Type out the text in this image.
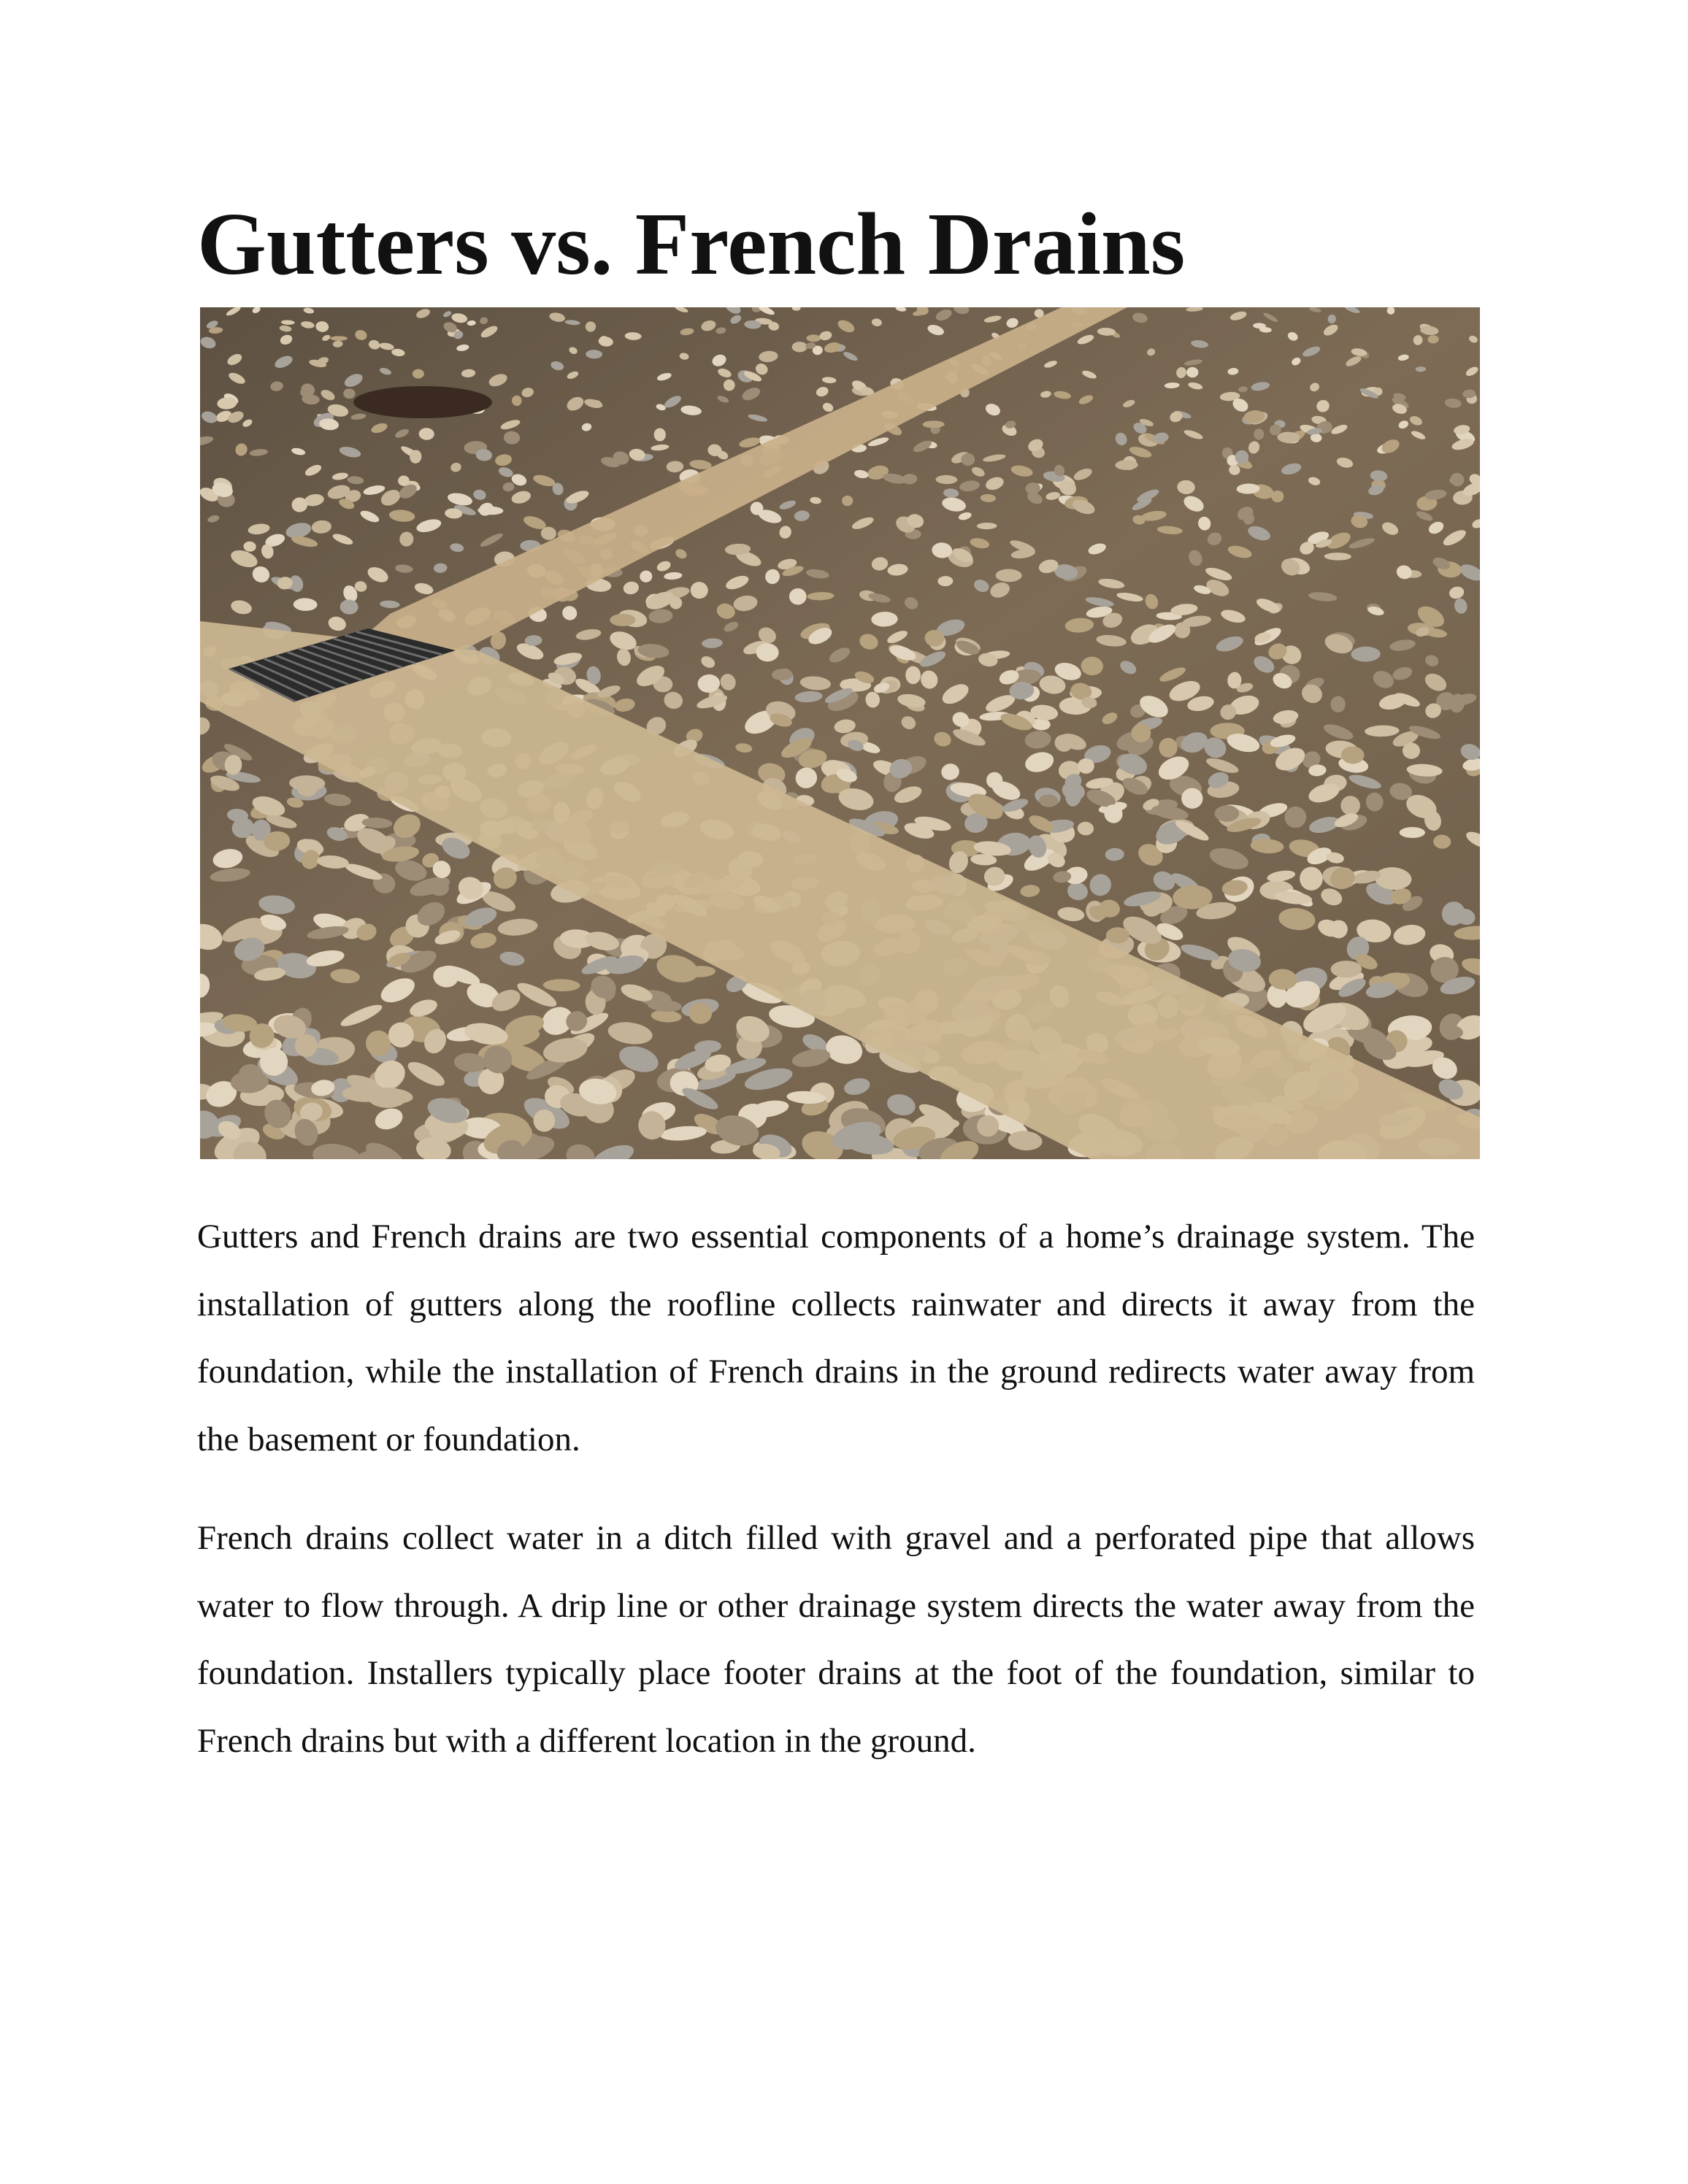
Gutters vs. French Drains

Gutters and French drains are two essential components of a home’s drainage system. The installation of gutters along the roofline collects rainwater and directs it away from the foundation, while the installation of French drains in the ground redirects water away from the basement or foundation.

French drains collect water in a ditch filled with gravel and a perforated pipe that allows water to flow through. A drip line or other drainage system directs the water away from the foundation. Installers typically place footer drains at the foot of the foundation, similar to French drains but with a different location in the ground.
